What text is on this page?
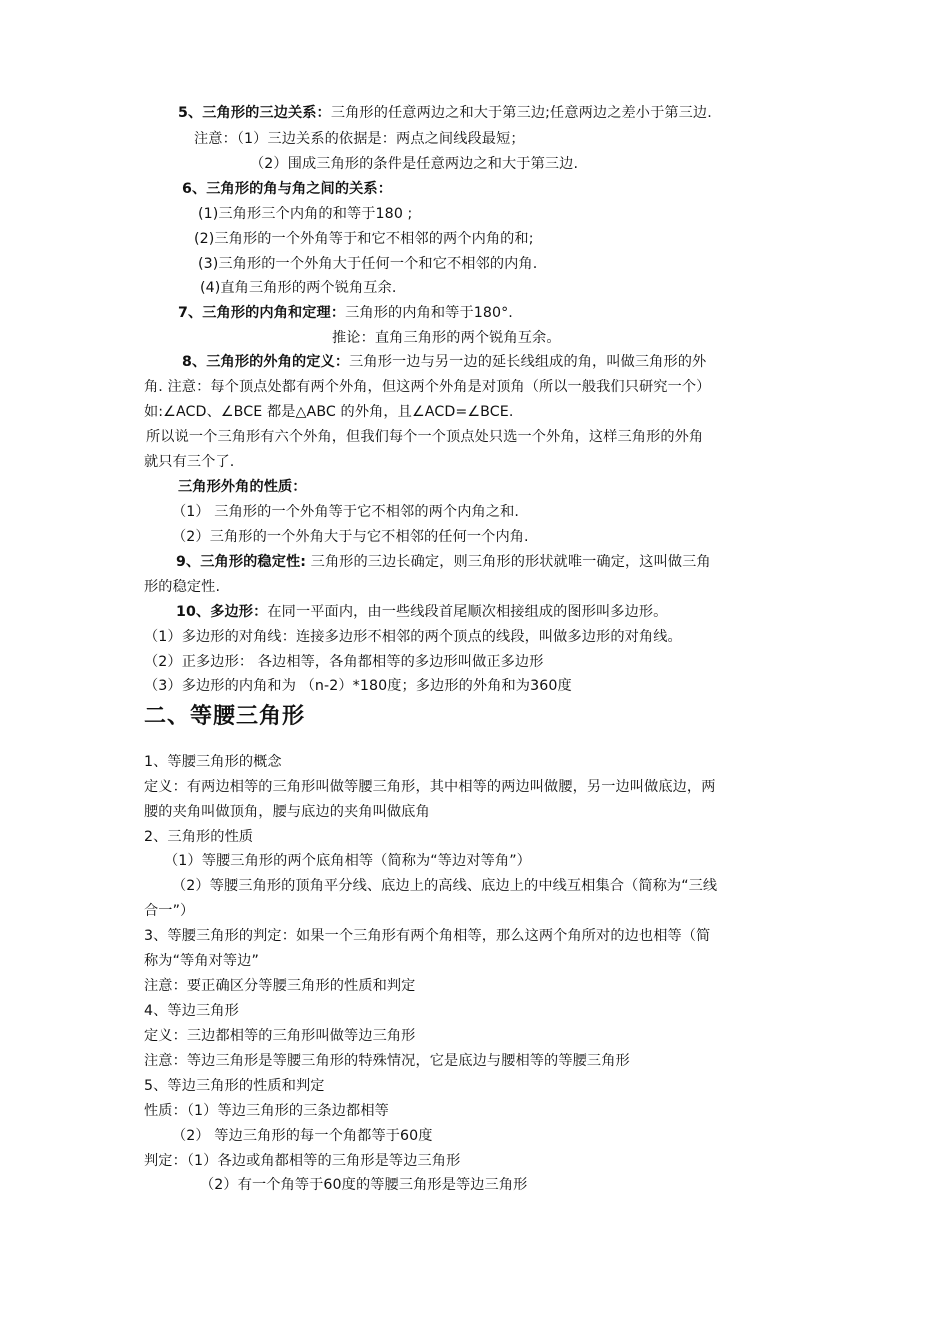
5、三角形的三边关系：三角形的任意两边之和大于第三边;任意两边之差小于第三边.
注意：（1）三边关系的依据是：两点之间线段最短；
（2）围成三角形的条件是任意两边之和大于第三边.
6、三角形的角与角之间的关系：
(1)三角形三个内角的和等于180 ;
(2)三角形的一个外角等于和它不相邻的两个内角的和;
(3)三角形的一个外角大于任何一个和它不相邻的内角.
(4)直角三角形的两个锐角互余.
7、三角形的内角和定理：三角形的内角和等于180°.
推论：直角三角形的两个锐角互余。
8、三角形的外角的定义：三角形一边与另一边的延长线组成的角，叫做三角形的外
角. 注意：每个顶点处都有两个外角，但这两个外角是对顶角（所以一般我们只研究一个）
如:∠ACD、∠BCE 都是△ABC 的外角，且∠ACD=∠BCE.
所以说一个三角形有六个外角，但我们每个一个顶点处只选一个外角，这样三角形的外角
就只有三个了.
三角形外角的性质：
（1） 三角形的一个外角等于它不相邻的两个内角之和.
（2）三角形的一个外角大于与它不相邻的任何一个内角.
9、三角形的稳定性: 三角形的三边长确定，则三角形的形状就唯一确定，这叫做三角
形的稳定性.
10、多边形：在同一平面内，由一些线段首尾顺次相接组成的图形叫多边形。
（1）多边形的对角线：连接多边形不相邻的两个顶点的线段，叫做多边形的对角线。
（2）正多边形： 各边相等，各角都相等的多边形叫做正多边形
（3）多边形的内角和为 （n-2）*180度；多边形的外角和为360度
二、等腰三角形
1、等腰三角形的概念
定义：有两边相等的三角形叫做等腰三角形，其中相等的两边叫做腰，另一边叫做底边，两
腰的夹角叫做顶角，腰与底边的夹角叫做底角
2、三角形的性质
（1）等腰三角形的两个底角相等（简称为“等边对等角”）
（2）等腰三角形的顶角平分线、底边上的高线、底边上的中线互相集合（简称为“三线
合一”）
3、等腰三角形的判定：如果一个三角形有两个角相等，那么这两个角所对的边也相等（简
称为“等角对等边”
注意：要正确区分等腰三角形的性质和判定
4、等边三角形
定义：三边都相等的三角形叫做等边三角形
注意：等边三角形是等腰三角形的特殊情况，它是底边与腰相等的等腰三角形
5、等边三角形的性质和判定
性质：（1）等边三角形的三条边都相等
（2） 等边三角形的每一个角都等于60度
判定：（1）各边或角都相等的三角形是等边三角形
（2）有一个角等于60度的等腰三角形是等边三角形
